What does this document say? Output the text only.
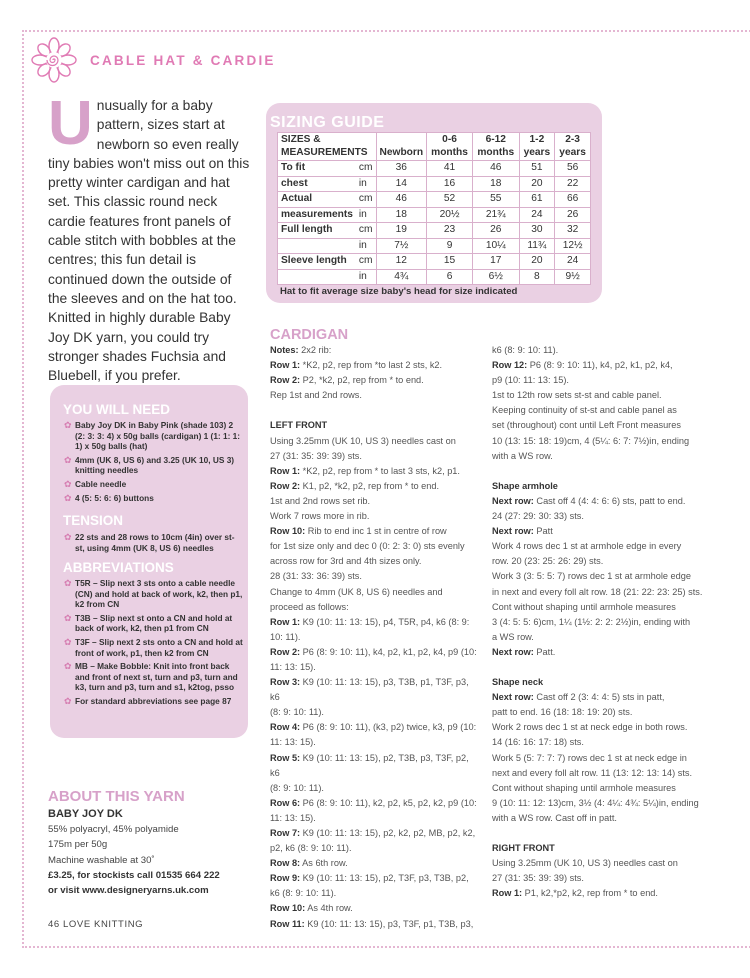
CABLE HAT & CARDIE
Unusually for a baby pattern, sizes start at newborn so even really tiny babies won't miss out on this pretty winter cardigan and hat set. This classic round neck cardie features front panels of cable stitch with bobbles at the centres; this fun detail is continued down the outside of the sleeves and on the hat too. Knitted in highly durable Baby Joy DK yarn, you could try stronger shades Fuchsia and Bluebell, if you prefer.
SIZING GUIDE
SIZES & MEASUREMENTS		Newborn	0-6 months	6-12 months	1-2 years	2-3 years
To fit	cm	36	41	46	51	56
chest	in	14	16	18	20	22
Actual	cm	46	52	55	61	66
measurements	in	18	20½	21¾	24	26
Full length	cm	19	23	26	30	32
	in	7½	9	10¼	11¾	12½
Sleeve length	cm	12	15	17	20	24
	in	4¾	6	6½	8	9½
Hat to fit average size baby's head for size indicated
YOU WILL NEED
✿ Baby Joy DK in Baby Pink (shade 103) 2 (2: 3: 3: 4) x 50g balls (cardigan) 1 (1: 1: 1: 1) x 50g balls (hat)
✿ 4mm (UK 8, US 6) and 3.25 (UK 10, US 3) knitting needles
✿ Cable needle
✿ 4 (5: 5: 6: 6) buttons
TENSION
✿ 22 sts and 28 rows to 10cm (4in) over st-st, using 4mm (UK 8, US 6) needles
ABBREVIATIONS
✿ T5R – Slip next 3 sts onto a cable needle (CN) and hold at back of work, k2, then p1, k2 from CN
✿ T3B – Slip next st onto a CN and hold at back of work, k2, then p1 from CN
✿ T3F – Slip next 2 sts onto a CN and hold at front of work, p1, then k2 from CN
✿ MB – Make Bobble: Knit into front back and front of next st, turn and p3, turn and k3, turn and p3, turn and s1, k2tog, psso
✿ For standard abbreviations see page 87
ABOUT THIS YARN
BABY JOY DK
55% polyacryl, 45% polyamide
175m per 50g
Machine washable at 30˚
£3.25, for stockists call 01535 664 222
or visit www.designeryarns.uk.com
CARDIGAN

Notes: 2x2 rib:

Row 1: *K2, p2, rep from *to last 2 sts, k2.

Row 2: P2, *k2, p2, rep from * to end.

Rep 1st and 2nd rows.

LEFT FRONT

Using 3.25mm (UK 10, US 3) needles cast on

27 (31: 35: 39: 39) sts.

Row 1: *K2, p2, rep from * to last 3 sts, k2, p1.

Row 2: K1, p2, *k2, p2, rep from * to end.

1st and 2nd rows set rib.

Work 7 rows more in rib.

Row 10: Rib to end inc 1 st in centre of row

for 1st size only and dec 0 (0: 2: 3: 0) sts evenly

across row for 3rd and 4th sizes only.

28 (31: 33: 36: 39) sts.

Change to 4mm (UK 8, US 6) needles and

proceed as follows:

Row 1: K9 (10: 11: 13: 15), p4, T5R, p4, k6 (8: 9:

10: 11).

Row 2: P6 (8: 9: 10: 11), k4, p2, k1, p2, k4, p9 (10:

11: 13: 15).

Row 3: K9 (10: 11: 13: 15), p3, T3B, p1, T3F, p3, k6

(8: 9: 10: 11).

Row 4: P6 (8: 9: 10: 11), (k3, p2) twice, k3, p9 (10:

11: 13: 15).

Row 5: K9 (10: 11: 13: 15), p2, T3B, p3, T3F, p2, k6

(8: 9: 10: 11).

Row 6: P6 (8: 9: 10: 11), k2, p2, k5, p2, k2, p9 (10:

11: 13: 15).

Row 7: K9 (10: 11: 13: 15), p2, k2, p2, MB, p2, k2,

p2, k6 (8: 9: 10: 11).

Row 8: As 6th row.

Row 9: K9 (10: 11: 13: 15), p2, T3F, p3, T3B, p2,

k6 (8: 9: 10: 11).

Row 10: As 4th row.

Row 11: K9 (10: 11: 13: 15), p3, T3F, p1, T3B, p3,

k6 (8: 9: 10: 11).

Row 12: P6 (8: 9: 10: 11), k4, p2, k1, p2, k4,

p9 (10: 11: 13: 15).

1st to 12th row sets st-st and cable panel.

Keeping continuity of st-st and cable panel as

set (throughout) cont until Left Front measures

10 (13: 15: 18: 19)cm, 4 (5¼: 6: 7: 7½)in, ending

with a WS row.

Shape armhole

Next row: Cast off 4 (4: 4: 6: 6) sts, patt to end.

24 (27: 29: 30: 33) sts.

Next row: Patt

Work 4 rows dec 1 st at armhole edge in every

row. 20 (23: 25: 26: 29) sts.

Work 3 (3: 5: 5: 7) rows dec 1 st at armhole edge

in next and every foll alt row. 18 (21: 22: 23: 25) sts.

Cont without shaping until armhole measures

3 (4: 5: 5: 6)cm, 1¼ (1½: 2: 2: 2½)in, ending with

a WS row.

Next row: Patt.

Shape neck

Next row: Cast off 2 (3: 4: 4: 5) sts in patt,

patt to end. 16 (18: 18: 19: 20) sts.

Work 2 rows dec 1 st at neck edge in both rows.

14 (16: 16: 17: 18) sts.

Work 5 (5: 7: 7: 7) rows dec 1 st at neck edge in

next and every foll alt row. 11 (13: 12: 13: 14) sts.

Cont without shaping until armhole measures

9 (10: 11: 12: 13)cm, 3½ (4: 4¼: 4¾: 5¼)in, ending

with a WS row. Cast off in patt.

RIGHT FRONT

Using 3.25mm (UK 10, US 3) needles cast on

27 (31: 35: 39: 39) sts.

Row 1: P1, k2,*p2, k2, rep from * to end.

46 LOVE KNITTING
